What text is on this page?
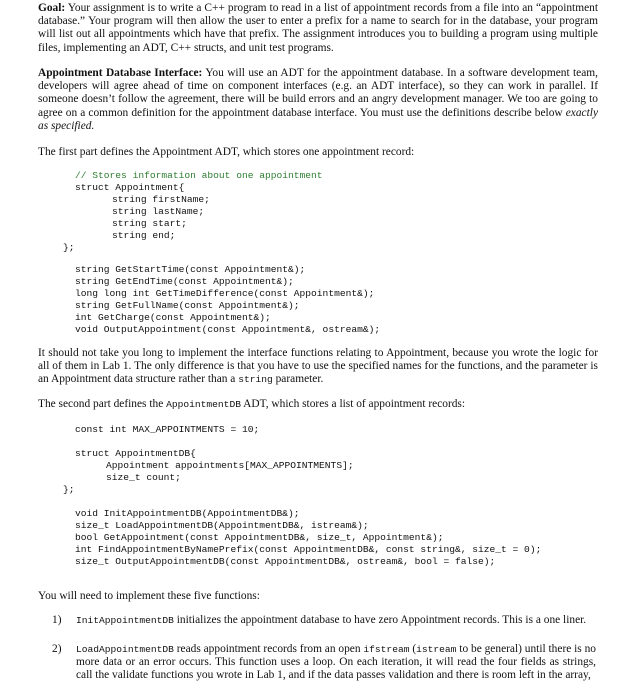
Goal: Your assignment is to write a C++ program to read in a list of appointment records from a file into an “appointment database.” Your program will then allow the user to enter a prefix for a name to search for in the database, your program will list out all appointments which have that prefix. The assignment introduces you to building a program using multiple files, implementing an ADT, C++ structs, and unit test programs.
Appointment Database Interface: You will use an ADT for the appointment database. In a software development team, developers will agree ahead of time on component interfaces (e.g. an ADT interface), so they can work in parallel. If someone doesn’t follow the agreement, there will be build errors and an angry development manager. We too are going to agree on a common definition for the appointment database interface. You must use the definitions describe below exactly as specified.
The first part defines the Appointment ADT, which stores one appointment record:
// Stores information about one appointment
struct Appointment{
string firstName;
string lastName;
string start;
string end;
};
string GetStartTime(const Appointment&);
string GetEndTime(const Appointment&);
long long int GetTimeDifference(const Appointment&);
string GetFullName(const Appointment&);
int GetCharge(const Appointment&);
void OutputAppointment(const Appointment&, ostream&);
It should not take you long to implement the interface functions relating to Appointment, because you wrote the logic for all of them in Lab 1. The only difference is that you have to use the specified names for the functions, and the parameter is an Appointment data structure rather than a string parameter.
The second part defines the AppointmentDB ADT, which stores a list of appointment records:
const int MAX_APPOINTMENTS = 10;
struct AppointmentDB{
Appointment appointments[MAX_APPOINTMENTS];
size_t count;
};
void InitAppointmentDB(AppointmentDB&);
size_t LoadAppointmentDB(AppointmentDB&, istream&);
bool GetAppointment(const AppointmentDB&, size_t, Appointment&);
int FindAppointmentByNamePrefix(const AppointmentDB&, const string&, size_t = 0);
size_t OutputAppointmentDB(const AppointmentDB&, ostream&, bool = false);
You will need to implement these five functions:
1) InitAppointmentDB initializes the appointment database to have zero Appointment records. This is a one liner.
2) LoadAppointmentDB reads appointment records from an open ifstream (istream to be general) until there is no more data or an error occurs. This function uses a loop. On each iteration, it will read the four fields as strings, call the validate functions you wrote in Lab 1, and if the data passes validation and there is room left in the array,
